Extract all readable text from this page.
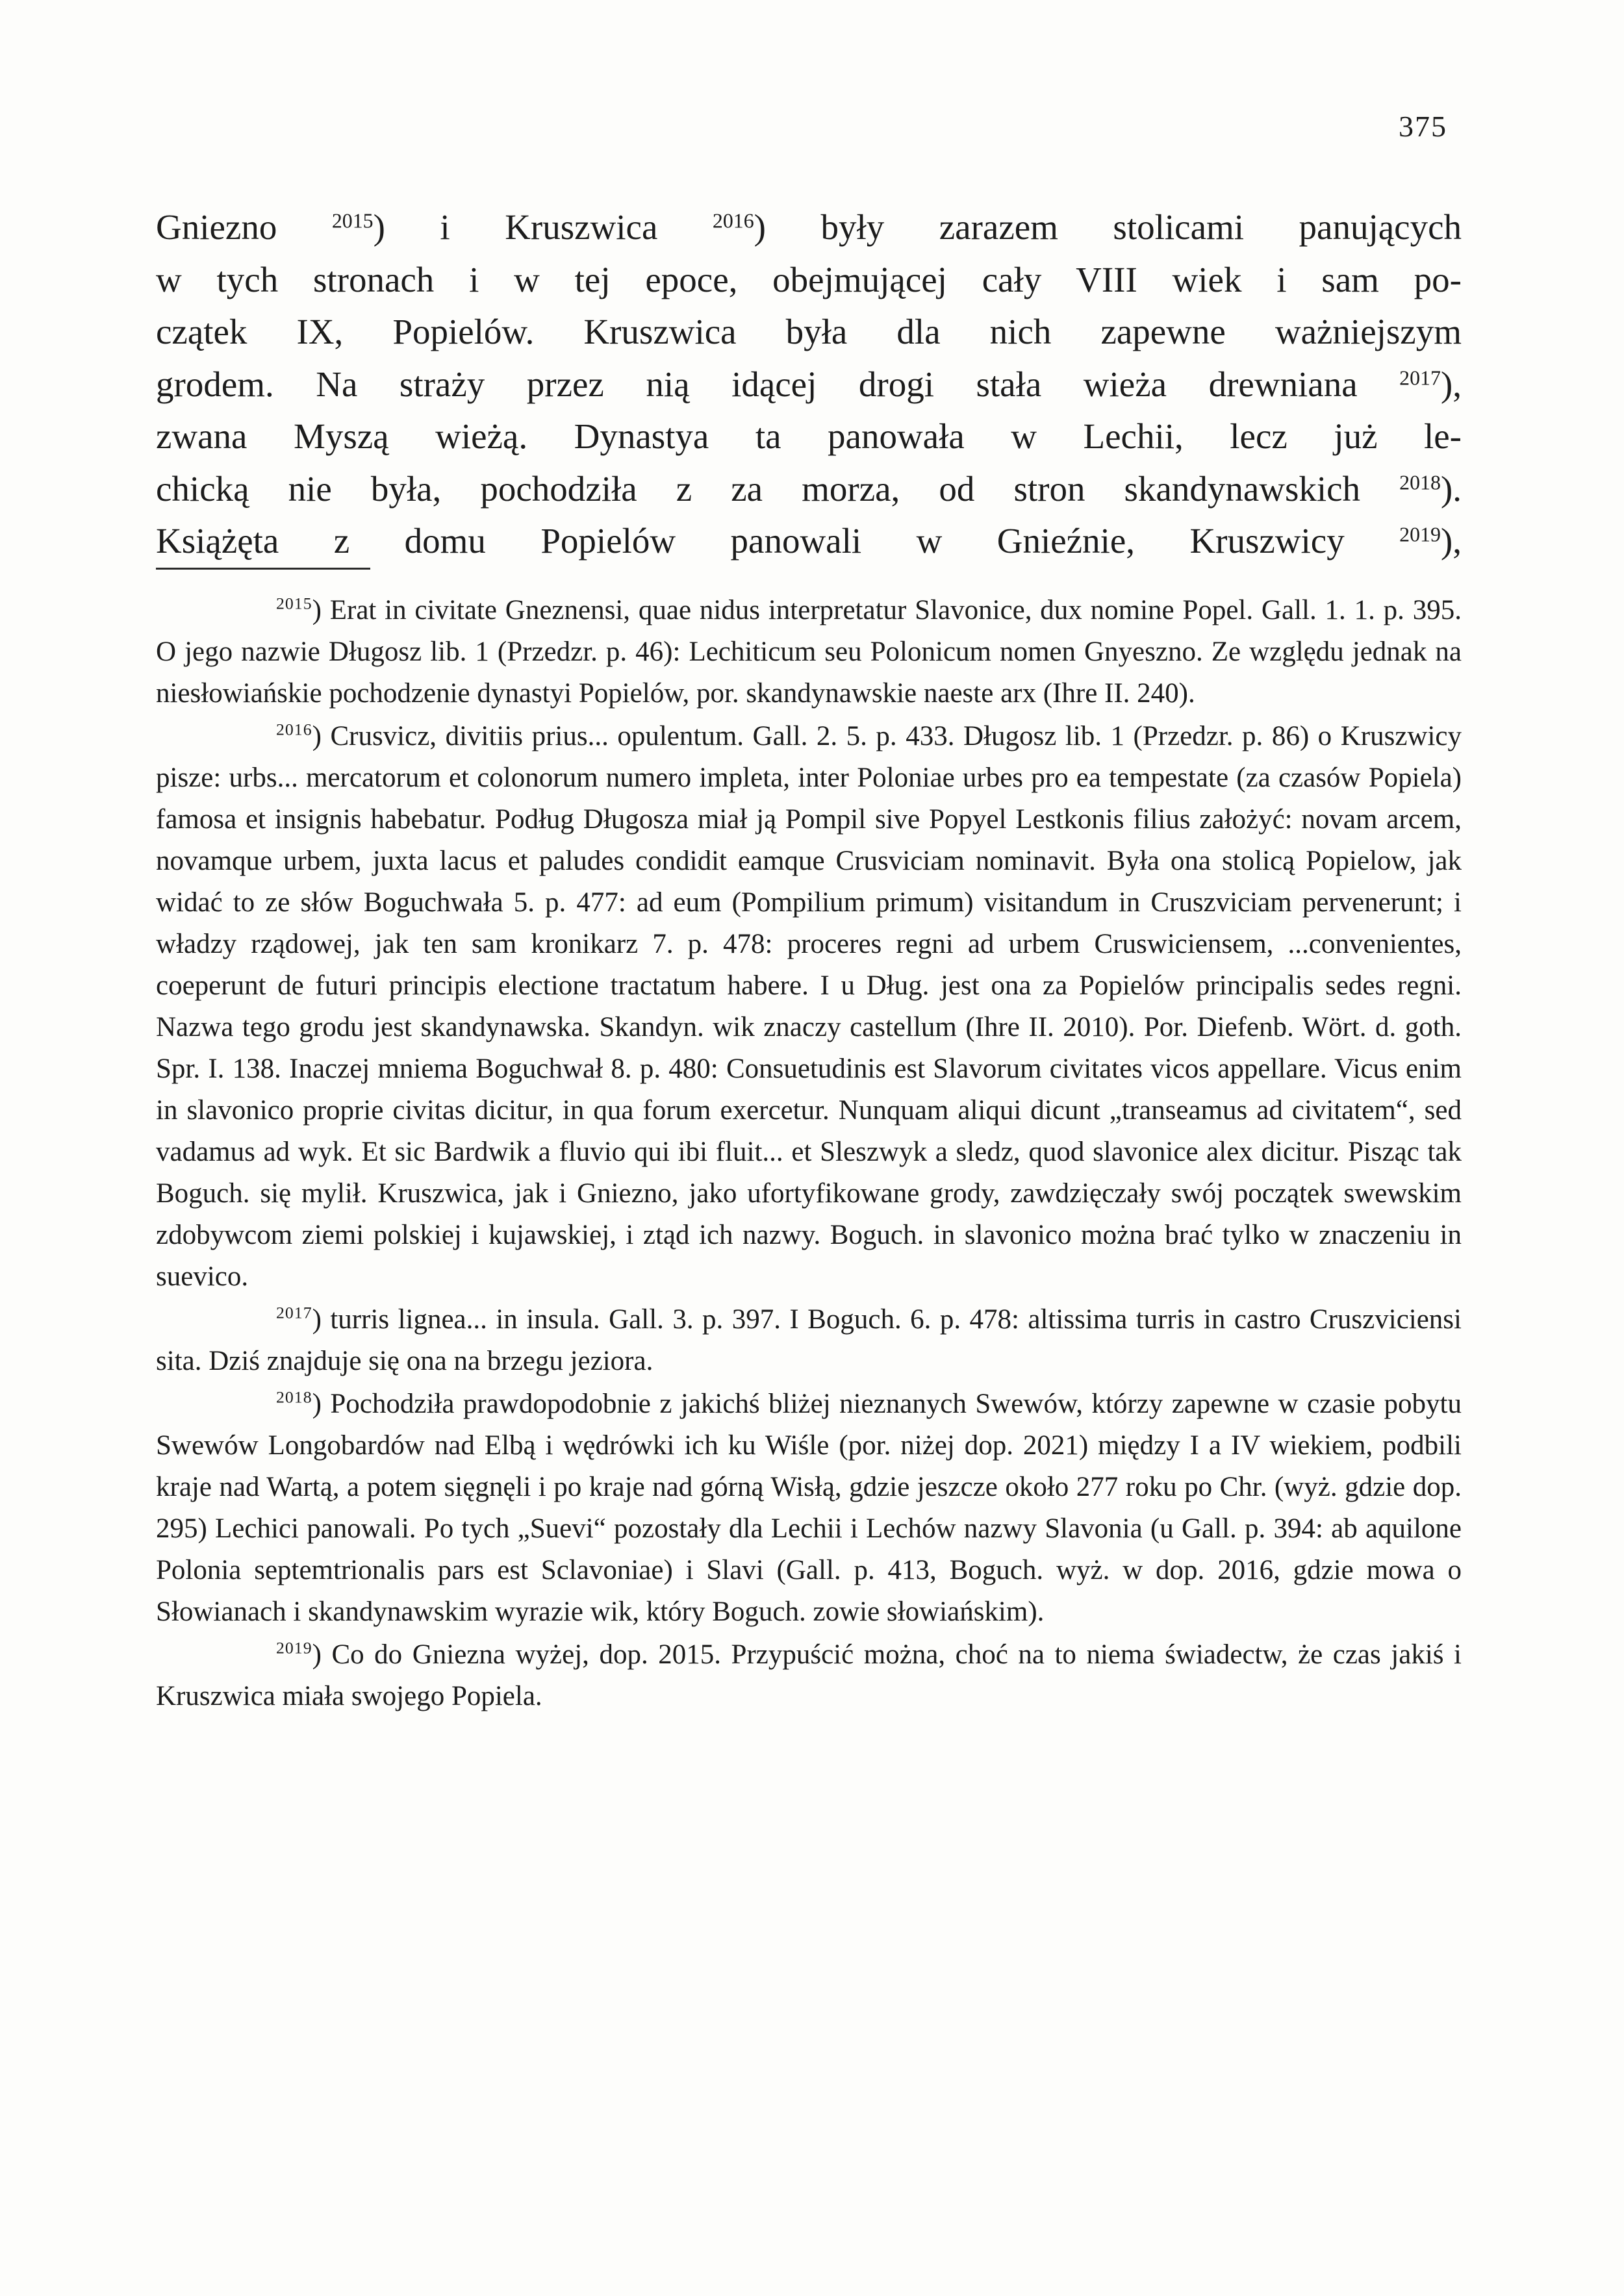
375
Gniezno $^{2015}$) i Kruszwica $^{2016}$) były zarazem stolicami panujących
w tych stronach i w tej epoce, obejmującej cały VIII wiek i sam po-
czątek IX, Popielów. Kruszwica była dla nich zapewne ważniejszym
grodem. Na straży przez nią idącej drogi stała wieża drewniana $^{2017}$),
zwana Myszą wieżą. Dynastya ta panowała w Lechii, lecz już le-
chicką nie była, pochodziła z za morza, od stron skandynawskich $^{2018}$).
Książęta z domu Popielów panowali w Gnieźnie, Kruszwicy $^{2019}$),

$^{2015}$) Erat in civitate Gneznensi, quae nidus interpretatur Slavonice, dux nomine Popel. Gall. 1. 1. p. 395. O jego nazwie Długosz lib. 1 (Przedzr. p. 46): Lechiticum seu Polonicum nomen Gnyeszno. Ze względu jednak na niesłowiańskie pochodzenie dynastyi Popielów, por. skandynawskie naeste arx (Ihre II. 240).

$^{2016}$) Crusvicz, divitiis prius... opulentum. Gall. 2. 5. p. 433. Długosz lib. 1 (Przedzr. p. 86) o Kruszwicy pisze: urbs... mercatorum et colonorum numero impleta, inter Poloniae urbes pro ea tempestate (za czasów Popiela) famosa et insignis habebatur. Podług Długosza miał ją Pompil sive Popyel Lestkonis filius założyć: novam arcem, novamque urbem, juxta lacus et paludes condidit eamque Crusviciam nominavit. Była ona stolicą Popielow, jak widać to ze słów Boguchwała 5. p. 477: ad eum (Pompilium primum) visitandum in Cruszviciam pervenerunt; i władzy rządowej, jak ten sam kronikarz 7. p. 478: proceres regni ad urbem Cruswiciensem, ...convenientes, coeperunt de futuri principis electione tractatum habere. I u Dług. jest ona za Popielów principalis sedes regni. Nazwa tego grodu jest skandynawska. Skandyn. wik znaczy castellum (Ihre II. 2010). Por. Diefenb. Wört. d. goth. Spr. I. 138. Inaczej mniema Boguchwał 8. p. 480: Consuetudinis est Slavorum civitates vicos appellare. Vicus enim in slavonico proprie civitas dicitur, in qua forum exercetur. Nunquam aliqui dicunt „transeamus ad civitatem“, sed vadamus ad wyk. Et sic Bardwik a fluvio qui ibi fluit... et Sleszwyk a sledz, quod slavonice alex dicitur. Pisząc tak Boguch. się mylił. Kruszwica, jak i Gniezno, jako ufortyfikowane grody, zawdzięczały swój początek swewskim zdobywcom ziemi polskiej i kujawskiej, i ztąd ich nazwy. Boguch. in slavonico można brać tylko w znaczeniu in suevico.

$^{2017}$) turris lignea... in insula. Gall. 3. p. 397. I Boguch. 6. p. 478: altissima turris in castro Cruszviciensi sita. Dziś znajduje się ona na brzegu jeziora.

$^{2018}$) Pochodziła prawdopodobnie z jakichś bliżej nieznanych Swewów, którzy zapewne w czasie pobytu Swewów Longobardów nad Elbą i wędrówki ich ku Wiśle (por. niżej dop. 2021) między I a IV wiekiem, podbili kraje nad Wartą, a potem sięgnęli i po kraje nad górną Wisłą, gdzie jeszcze około 277 roku po Chr. (wyż. gdzie dop. 295) Lechici panowali. Po tych „Suevi“ pozostały dla Lechii i Lechów nazwy Slavonia (u Gall. p. 394: ab aquilone Polonia septemtrionalis pars est Sclavoniae) i Slavi (Gall. p. 413, Boguch. wyż. w dop. 2016, gdzie mowa o Słowianach i skandynawskim wyrazie wik, który Boguch. zowie słowiańskim).

$^{2019}$) Co do Gniezna wyżej, dop. 2015. Przypuścić można, choć na to niema świadectw, że czas jakiś i Kruszwica miała swojego Popiela.
